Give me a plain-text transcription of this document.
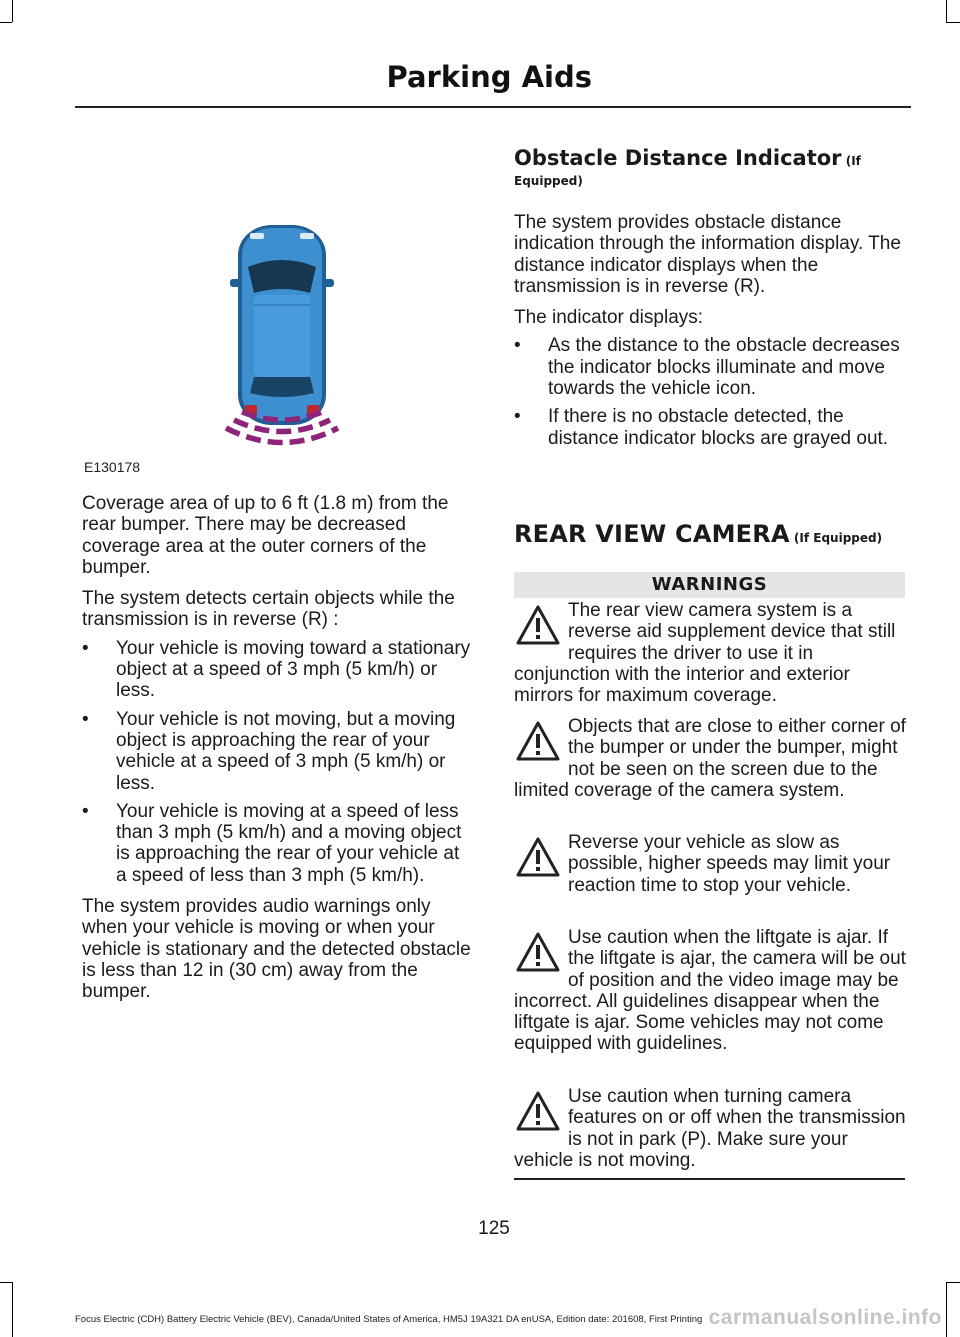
Parking Aids
E130178

Coverage area of up to 6 ft (1.8 m) from the rear bumper. There may be decreased coverage area at the outer corners of the bumper.

The system detects certain objects while the transmission is in reverse (R) :

• Your vehicle is moving toward a stationary object at a speed of 3 mph (5 km/h) or less.
• Your vehicle is not moving, but a moving object is approaching the rear of your vehicle at a speed of 3 mph (5 km/h) or less.
• Your vehicle is moving at a speed of less than 3 mph (5 km/h) and a moving object is approaching the rear of your vehicle at a speed of less than 3 mph (5 km/h).

The system provides audio warnings only when your vehicle is moving or when your vehicle is stationary and the detected obstacle is less than 12 in (30 cm) away from the bumper.

Obstacle Distance Indicator (If Equipped)

The system provides obstacle distance indication through the information display. The distance indicator displays when the transmission is in reverse (R).

The indicator displays:

• As the distance to the obstacle decreases the indicator blocks illuminate and move towards the vehicle icon.
• If there is no obstacle detected, the distance indicator blocks are grayed out.
REAR VIEW CAMERA (If Equipped)
WARNINGS
The rear view camera system is a reverse aid supplement device that still requires the driver to use it in conjunction with the interior and exterior mirrors for maximum coverage.
Objects that are close to either corner of the bumper or under the bumper, might not be seen on the screen due to the limited coverage of the camera system.
Reverse your vehicle as slow as possible, higher speeds may limit your reaction time to stop your vehicle.
Use caution when the liftgate is ajar. If the liftgate is ajar, the camera will be out of position and the video image may be incorrect. All guidelines disappear when the liftgate is ajar. Some vehicles may not come equipped with guidelines.
Use caution when turning camera features on or off when the transmission is not in park (P). Make sure your vehicle is not moving.
125
Focus Electric (CDH) Battery Electric Vehicle (BEV), Canada/United States of America, HM5J 19A321 DA enUSA, Edition date: 201608, First Printing carmanualsonline.info
